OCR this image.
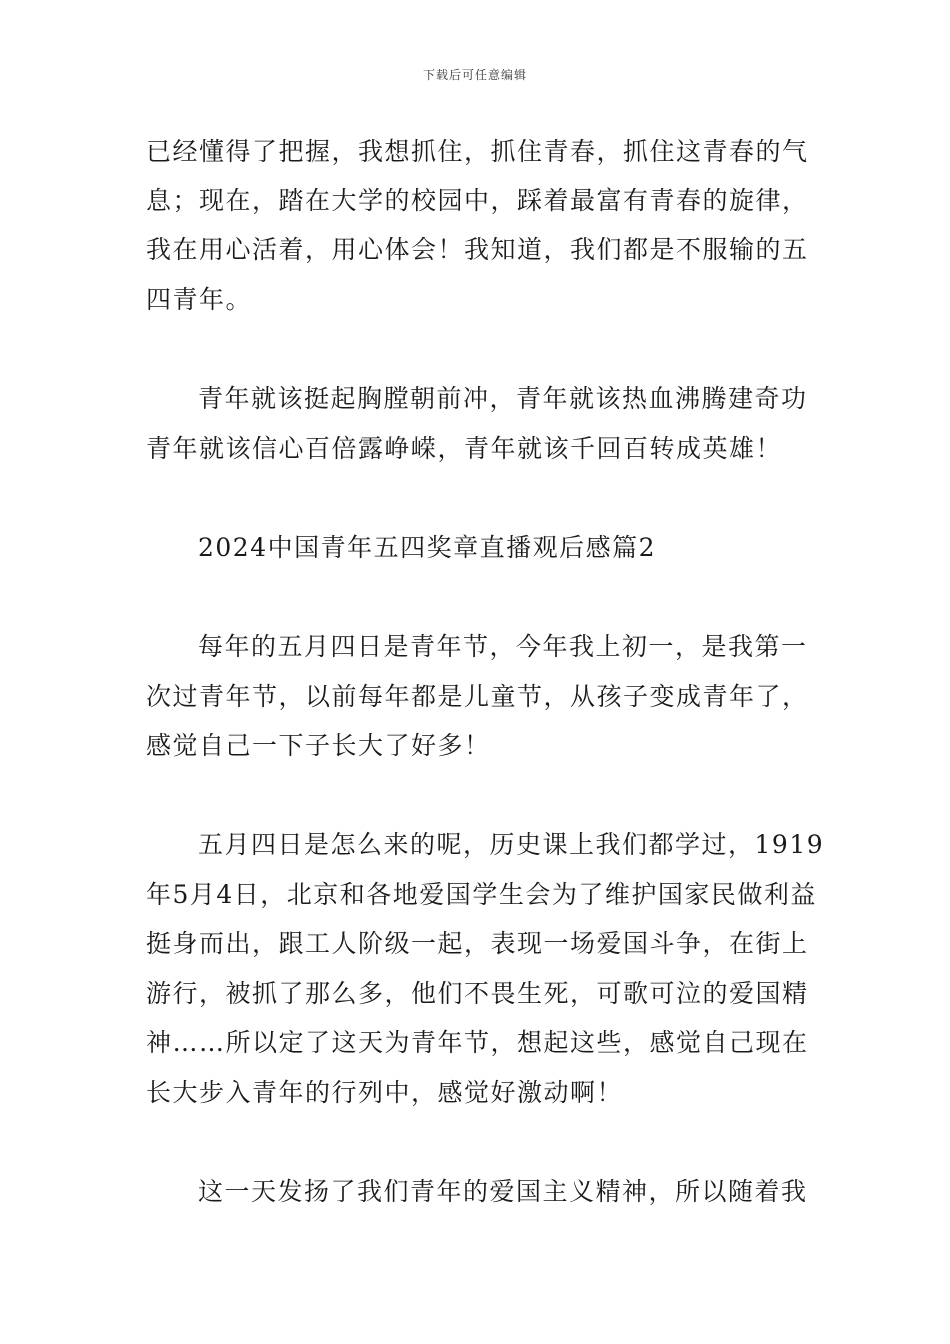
下载后可任意编辑
已经懂得了把握，我想抓住，抓住青春，抓住这青春的气
息；现在，踏在大学的校园中，踩着最富有青春的旋律，
我在用心活着，用心体会！我知道，我们都是不服输的五
四青年。
青年就该挺起胸膛朝前冲，青年就该热血沸腾建奇功
青年就该信心百倍露峥嵘，青年就该千回百转成英雄！
2024中国青年五四奖章直播观后感篇2
每年的五月四日是青年节，今年我上初一，是我第一
次过青年节，以前每年都是儿童节，从孩子变成青年了，
感觉自己一下子长大了好多！
五月四日是怎么来的呢，历史课上我们都学过，1919
年5月4日，北京和各地爱国学生会为了维护国家民做利益
挺身而出，跟工人阶级一起，表现一场爱国斗争，在街上
游行，被抓了那么多，他们不畏生死，可歌可泣的爱国精
神……所以定了这天为青年节，想起这些，感觉自己现在
长大步入青年的行列中，感觉好激动啊！
这一天发扬了我们青年的爱国主义精神，所以随着我
